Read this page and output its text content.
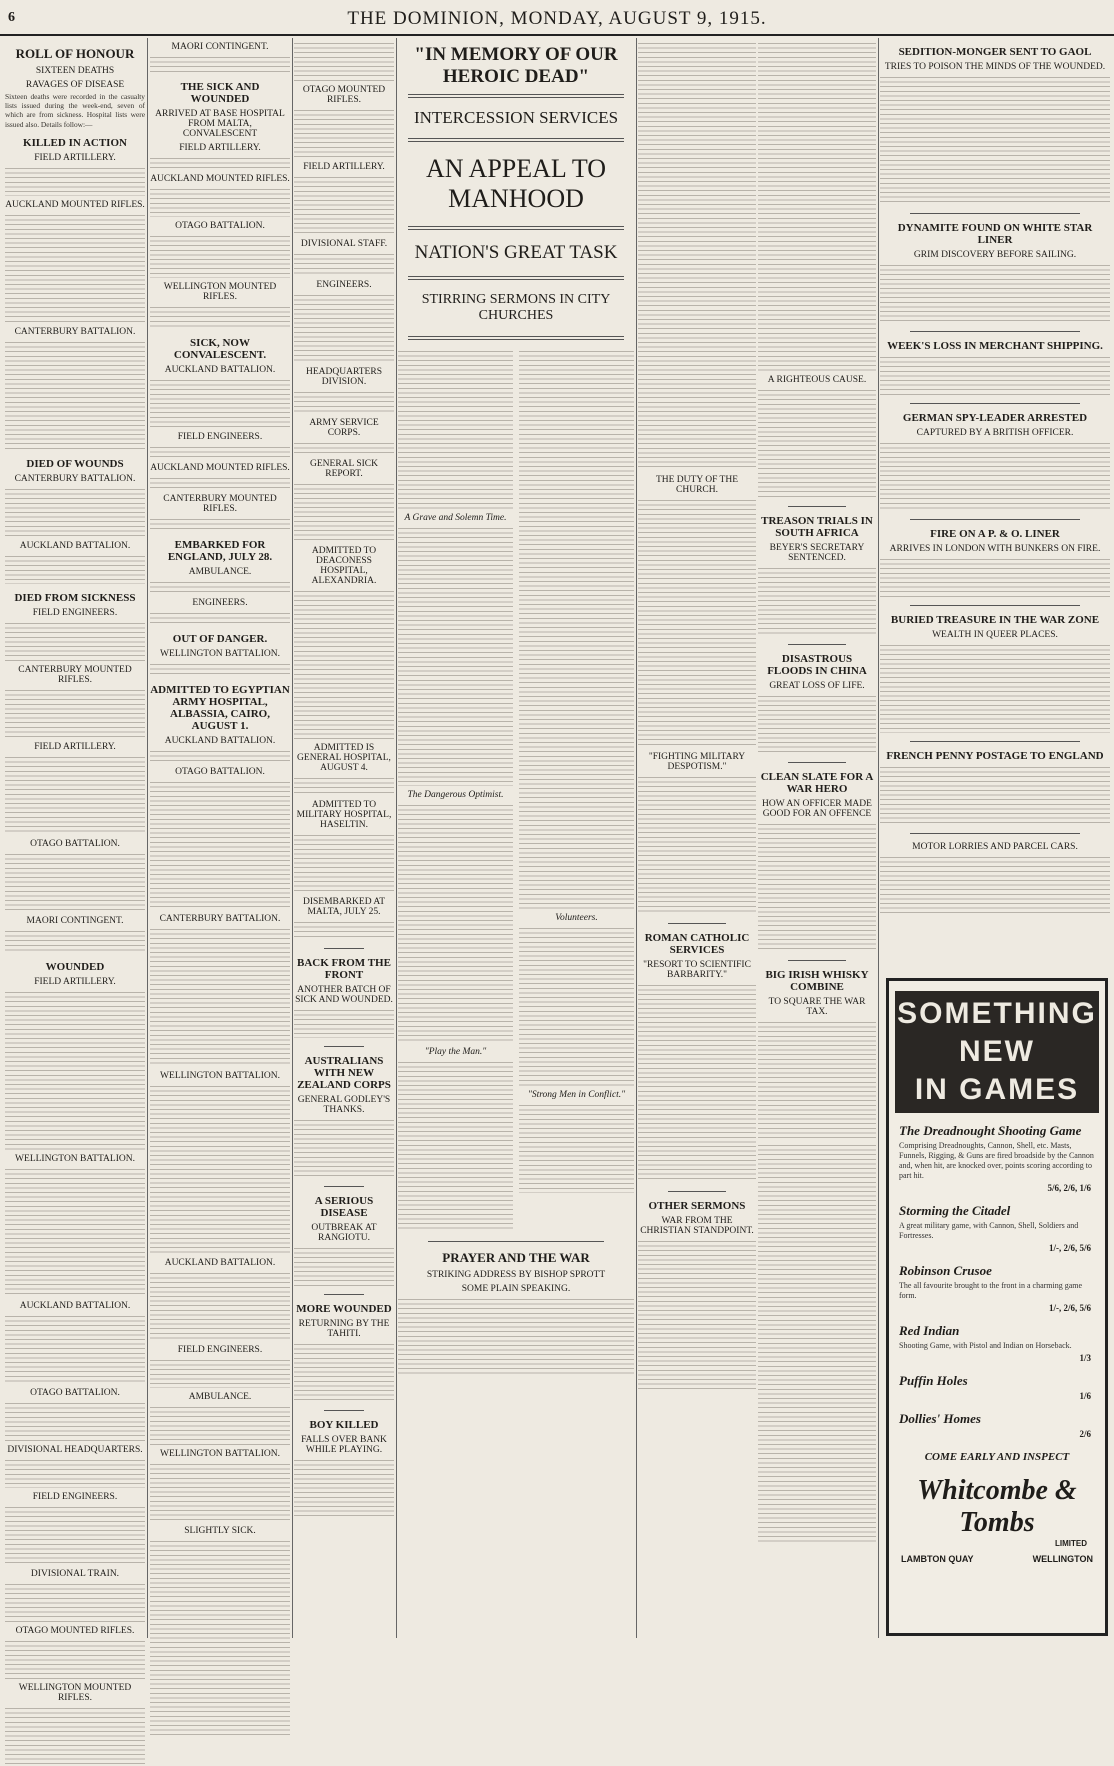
6	THE DOMINION, MONDAY, AUGUST 9, 1915.
ROLL OF HONOUR
SIXTEEN DEATHS
RAVAGES OF DISEASE

Sixteen deaths were recorded in the casualty lists issued during the week-end, seven of which are from sickness. Hospital lists were issued also. Details follow:—

KILLED IN ACTION
FIELD ARTILLERY.
AUCKLAND MOUNTED RIFLES.
CANTERBURY BATTALION.
DIED OF WOUNDS
CANTERBURY BATTALION.
AUCKLAND BATTALION.
DIED FROM SICKNESS
FIELD ENGINEERS.
CANTERBURY MOUNTED RIFLES.
FIELD ARTILLERY.
OTAGO BATTALION.
MAORI CONTINGENT.
WOUNDED
FIELD ARTILLERY.
WELLINGTON BATTALION.
AUCKLAND BATTALION.
OTAGO BATTALION.
DIVISIONAL HEADQUARTERS.
FIELD ENGINEERS.
DIVISIONAL TRAIN.
OTAGO MOUNTED RIFLES.
WELLINGTON MOUNTED RIFLES.
MAORI CONTINGENT.
THE SICK AND WOUNDED
ARRIVED AT BASE HOSPITAL FROM MALTA, CONVALESCENT
FIELD ARTILLERY.
AUCKLAND MOUNTED RIFLES.
OTAGO BATTALION.
WELLINGTON MOUNTED RIFLES.
SICK, NOW CONVALESCENT.
AUCKLAND BATTALION.
FIELD ENGINEERS.
AUCKLAND MOUNTED RIFLES.
CANTERBURY MOUNTED RIFLES.
EMBARKED FOR ENGLAND, JULY 28.
AMBULANCE.
ENGINEERS.
OUT OF DANGER.
WELLINGTON BATTALION.
ADMITTED TO EGYPTIAN ARMY HOSPITAL, ALBASSIA, CAIRO, AUGUST 1.
AUCKLAND BATTALION.
OTAGO BATTALION.
CANTERBURY BATTALION.
WELLINGTON BATTALION.
AUCKLAND BATTALION.
FIELD ENGINEERS.
AMBULANCE.
WELLINGTON BATTALION.
SLIGHTLY SICK.
OTAGO MOUNTED RIFLES.
FIELD ARTILLERY.
DIVISIONAL STAFF.
ENGINEERS.
HEADQUARTERS DIVISION.
ARMY SERVICE CORPS.
GENERAL SICK REPORT.
ADMITTED TO DEACONESS HOSPITAL, ALEXANDRIA.
ADMITTED IS GENERAL HOSPITAL, AUGUST 4.
ADMITTED TO MILITARY HOSPITAL, HASELTIN.
DISEMBARKED AT MALTA, JULY 25.
BACK FROM THE FRONT
ANOTHER BATCH OF SICK AND WOUNDED.
AUSTRALIANS WITH NEW ZEALAND CORPS
GENERAL GODLEY'S THANKS.
A SERIOUS DISEASE
OUTBREAK AT RANGIOTU.
MORE WOUNDED
RETURNING BY THE TAHITI.
BOY KILLED
FALLS OVER BANK WHILE PLAYING.
"IN MEMORY OF OUR HEROIC DEAD"
INTERCESSION SERVICES
AN APPEAL TO MANHOOD
NATION'S GREAT TASK
STIRRING SERMONS IN CITY CHURCHES
A Grave and Solemn Time.
The Dangerous Optimist.
"Play the Man."
Volunteers.
"Strong Men in Conflict."
PRAYER AND THE WAR
STRIKING ADDRESS BY BISHOP SPROTT
SOME PLAIN SPEAKING.
THE DUTY OF THE CHURCH.
"FIGHTING MILITARY DESPOTISM."
ROMAN CATHOLIC SERVICES
"RESORT TO SCIENTIFIC BARBARITY."
OTHER SERMONS
WAR FROM THE CHRISTIAN STANDPOINT.
A RIGHTEOUS CAUSE.
TREASON TRIALS IN SOUTH AFRICA
BEYER'S SECRETARY SENTENCED.
DISASTROUS FLOODS IN CHINA
GREAT LOSS OF LIFE.
CLEAN SLATE FOR A WAR HERO
HOW AN OFFICER MADE GOOD FOR AN OFFENCE
BIG IRISH WHISKY COMBINE
TO SQUARE THE WAR TAX.
SEDITION-MONGER SENT TO GAOL
TRIES TO POISON THE MINDS OF THE WOUNDED.
DYNAMITE FOUND ON WHITE STAR LINER
GRIM DISCOVERY BEFORE SAILING.
WEEK'S LOSS IN MERCHANT SHIPPING.
GERMAN SPY-LEADER ARRESTED
CAPTURED BY A BRITISH OFFICER.
FIRE ON A P. & O. LINER
ARRIVES IN LONDON WITH BUNKERS ON FIRE.
BURIED TREASURE IN THE WAR ZONE
WEALTH IN QUEER PLACES.
FRENCH PENNY POSTAGE TO ENGLAND
MOTOR LORRIES AND PARCEL CARS.
SOMETHING NEW
IN GAMES
The Dreadnought Shooting Game
Comprising Dreadnoughts, Cannon, Shell, etc. Masts, Funnels, Rigging, & Guns are fired broadside by the Cannon and, when hit, are knocked over, points scoring according to part hit.
5/6, 2/6, 1/6
Storming the Citadel
A great military game, with Cannon, Shell, Soldiers and Fortresses.
1/-, 2/6, 5/6
Robinson Crusoe
The all favourite brought to the front in a charming game form.
1/-, 2/6, 5/6
Red Indian
Shooting Game, with Pistol and Indian on Horseback.
1/3
Puffin Holes
1/6
Dollies' Homes
2/6
COME EARLY AND INSPECT
Whitcombe & Tombs
LIMITED
LAMBTON QUAY	WELLINGTON
